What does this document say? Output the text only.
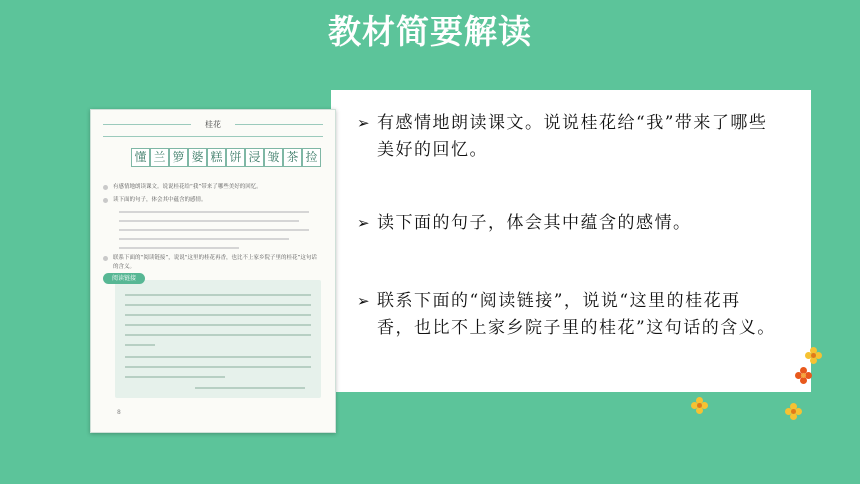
教材简要解读
➢ 有感情地朗读课文。说说桂花给“我”带来了哪些美好的回忆。
➢ 读下面的句子，体会其中蕴含的感情。
➢ 联系下面的“阅读链接”，说说“这里的桂花再香，也比不上家乡院子里的桂花”这句话的含义。
桂花
懂 兰 箩 婆 糕 饼 浸 皱 茶 捡
有感情地朗读课文。说说桂花给“我”带来了哪些美好的回忆。
读下面的句子，体会其中蕴含的感情。
联系下面的“阅读链接”，说说“这里的桂花再香，也比不上家乡院子里的桂花”这句话的含义。
阅读链接
8
